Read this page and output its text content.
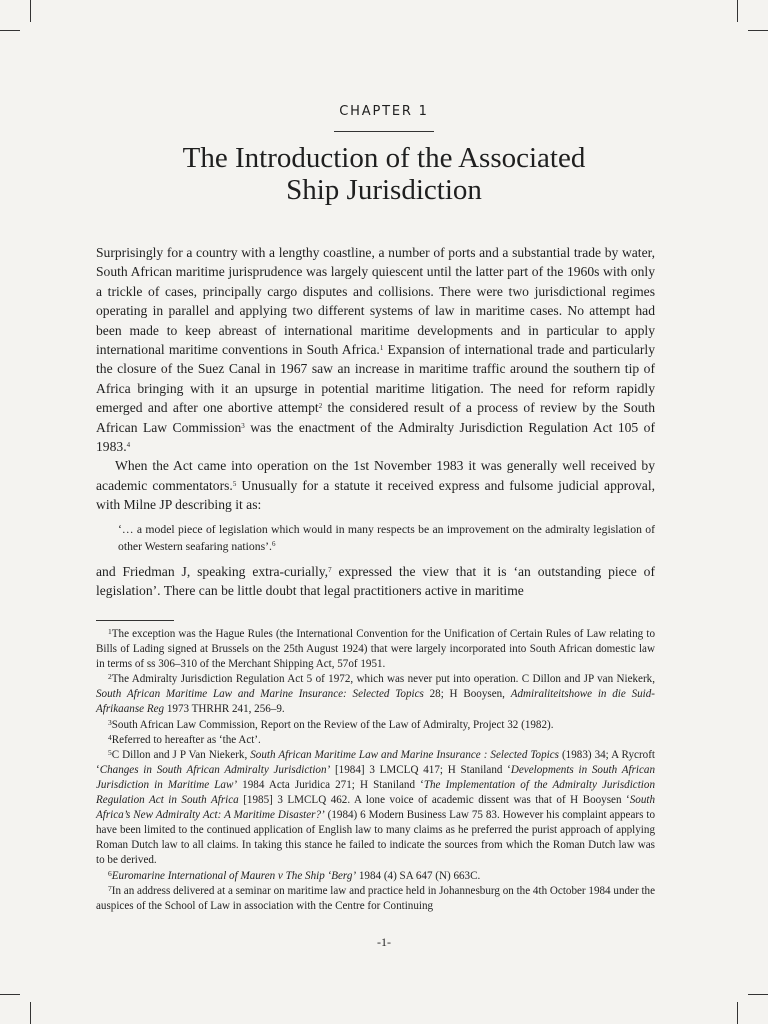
CHAPTER 1
The Introduction of the Associated
Ship Jurisdiction

Surprisingly for a country with a lengthy coastline, a number of ports and a substantial trade by water, South African maritime jurisprudence was largely quiescent until the latter part of the 1960s with only a trickle of cases, principally cargo disputes and collisions. There were two jurisdictional regimes operating in parallel and applying two different systems of law in maritime cases. No attempt had been made to keep abreast of international maritime developments and in particular to apply international maritime conventions in South Africa.$^1$ Expansion of international trade and particularly the closure of the Suez Canal in 1967 saw an increase in maritime traffic around the southern tip of Africa bringing with it an upsurge in potential maritime litigation. The need for reform rapidly emerged and after one abortive attempt$^2$ the considered result of a process of review by the South African Law Commission$^3$ was the enactment of the Admiralty Jurisdiction Regulation Act 105 of 1983.$^4$

When the Act came into operation on the 1st November 1983 it was generally well received by academic commentators.$^5$ Unusually for a statute it received express and fulsome judicial approval, with Milne JP describing it as:

‘… a model piece of legislation which would in many respects be an improvement on the admiralty legislation of other Western seafaring nations’.$^6$

and Friedman J, speaking extra-curially,$^7$ expressed the view that it is ‘an outstanding piece of legislation’. There can be little doubt that legal practitioners active in maritime

$^1$The exception was the Hague Rules (the International Convention for the Unification of Certain Rules of Law relating to Bills of Lading signed at Brussels on the 25th August 1924) that were largely incorporated into South African domestic law in terms of ss 306–310 of the Merchant Shipping Act, 57of 1951.

$^2$The Admiralty Jurisdiction Regulation Act 5 of 1972, which was never put into operation. C Dillon and JP van Niekerk, South African Maritime Law and Marine Insurance: Selected Topics 28; H Booysen, Admiraliteitshowe in die Suid-Afrikaanse Reg 1973 THRHR 241, 256–9.

$^3$South African Law Commission, Report on the Review of the Law of Admiralty, Project 32 (1982).

$^4$Referred to hereafter as ‘the Act’.

$^5$C Dillon and J P Van Niekerk, South African Maritime Law and Marine Insurance : Selected Topics (1983) 34; A Rycroft ‘Changes in South African Admiralty Jurisdiction’ [1984] 3 LMCLQ 417; H Staniland ‘Developments in South African Jurisdiction in Maritime Law’ 1984 Acta Juridica 271; H Staniland ‘The Implementation of the Admiralty Jurisdiction Regulation Act in South Africa [1985] 3 LMCLQ 462. A lone voice of academic dissent was that of H Booysen ‘South Africa’s New Admiralty Act: A Maritime Disaster?’ (1984) 6 Modern Business Law 75 83. However his complaint appears to have been limited to the continued application of English law to many claims as he preferred the purist approach of applying Roman Dutch law to all claims. In taking this stance he failed to indicate the sources from which the Roman Dutch law was to be derived.

$^6$Euromarine International of Mauren v The Ship ‘Berg’ 1984 (4) SA 647 (N) 663C.

$^7$In an address delivered at a seminar on maritime law and practice held in Johannesburg on the 4th October 1984 under the auspices of the School of Law in association with the Centre for Continuing

-1-
